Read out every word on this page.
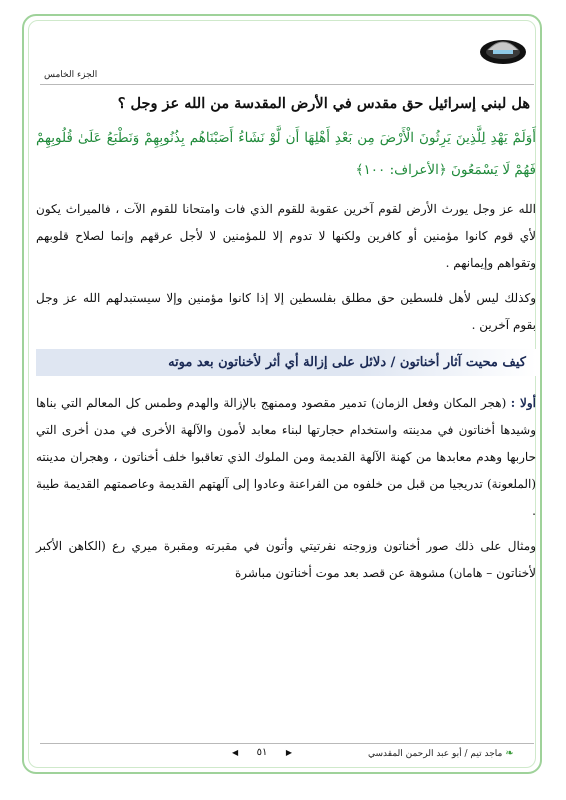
الجزء الخامس
هل لبني إسرائيل حق مقدس في الأرض المقدسة من الله عز وجل ؟
أَوَلَمْ يَهْدِ لِلَّذِينَ يَرِثُونَ الْأَرْضَ مِن بَعْدِ أَهْلِهَا أَن لَّوْ نَشَاءُ أَصَبْنَاهُم بِذُنُوبِهِمْ وَنَطْبَعُ عَلَىٰ قُلُوبِهِمْ فَهُمْ لَا يَسْمَعُونَ ﴿الأعراف: ١٠٠﴾

الله عز وجل يورث الأرض لقوم آخرين عقوبة للقوم الذي فات وامتحانا للقوم الآت ، فالميراث يكون لأي قوم كانوا مؤمنين أو كافرين ولكنها لا تدوم إلا للمؤمنين لا لأجل عرقهم وإنما لصلاح قلوبهم وتقواهم وإيمانهم .

وكذلك ليس لأهل فلسطين حق مطلق بفلسطين إلا إذا كانوا مؤمنين وإلا سيستبدلهم الله عز وجل بقوم آخرين .

كيف محيت آثار أخناتون / دلائل على إزالة أي أثر لأخناتون بعد موته

أولا : (هجر المكان وفعل الزمان) تدمير مقصود وممنهج بالإزالة والهدم وطمس كل المعالم التي بناها وشيدها أخناتون في مدينته واستخدام حجارتها لبناء معابد لأمون والآلهة الأخرى في مدن أخرى التي حاربها وهدم معابدها من كهنة الآلهة القديمة ومن الملوك الذي تعاقبوا خلف أخناتون ، وهجران مدينته (الملعونة) تدريجيا من قبل من خلفوه من الفراعنة وعادوا إلى آلهتهم القديمة وعاصمتهم القديمة طيبة .

ومثال على ذلك صور أخناتون وزوجته نفرتيتي وأتون في مقبرته ومقبرة ميري رع (الكاهن الأكبر لأخناتون – هامان) مشوهة عن قصد بعد موت أخناتون مباشرة

◀ ٥١ ▶	❧
ماجد تيم / أبو عبد الرحمن المقدسي
